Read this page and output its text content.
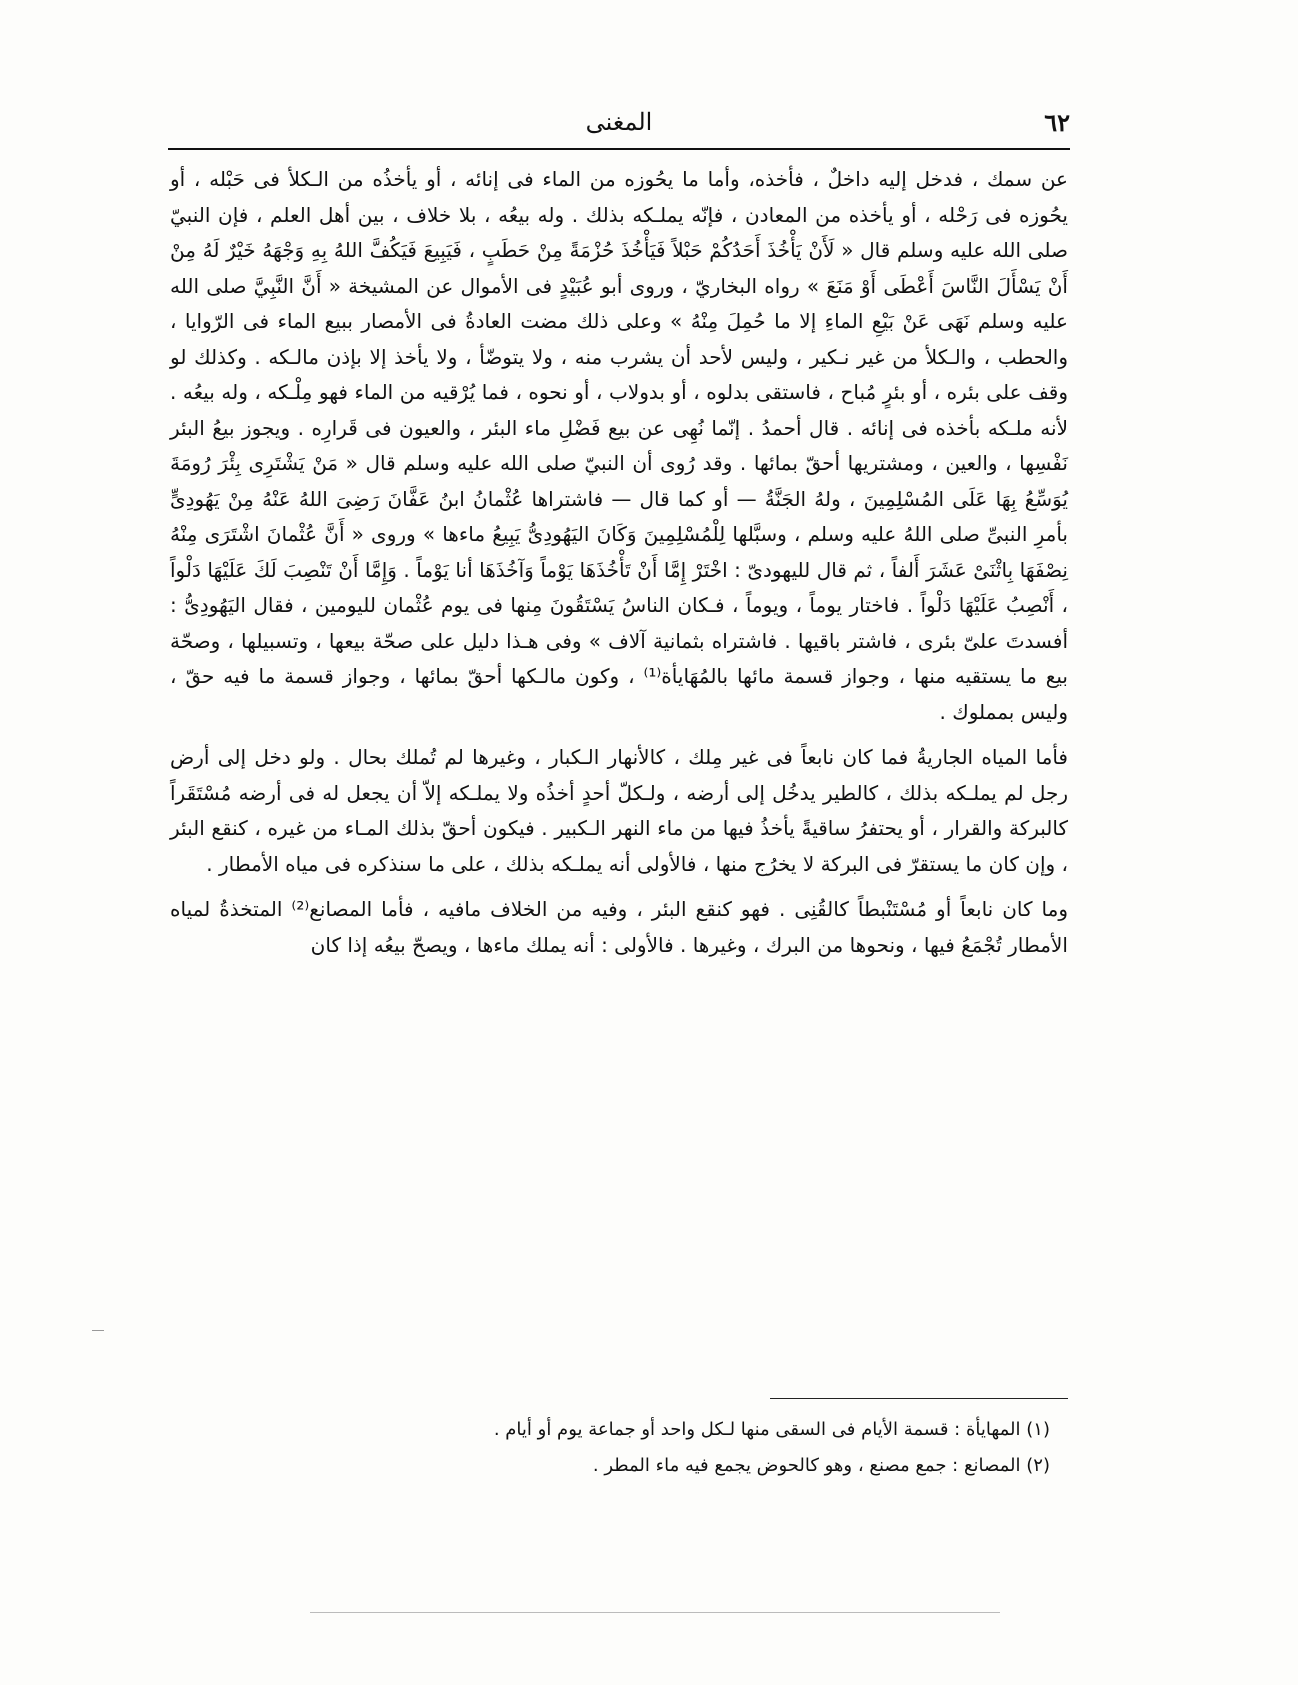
٦٢
المغنى

عن سمك ، فدخل إليه داخلٌ ، فأخذه، وأما ما يحُوزه من الماء فى إنائه ، أو يأخذُه من الـكلأ فى حَبْله ، أو يحُوزه فى رَحْله ، أو يأخذه من المعادن ، فإنّه يملـكه بذلك . وله بيعُه ، بلا خلاف ، بين أهل العلم ، فإن النبيّ صلى الله عليه وسلم قال « لَأَنْ يَأْخُذَ أَحَدُكُمْ حَبْلاً فَيَأْخُذَ حُزْمَةً مِنْ حَطَبٍ ، فَيَبِيعَ فَيَكُفَّ اللهُ بِهِ وَجْهَهُ خَيْرٌ لَهُ مِنْ أَنْ يَسْأَلَ النَّاسَ أَعْطَى أَوْ مَنَعَ » رواه البخاريّ ، وروى أبو عُبَيْدٍ فى الأموال عن المشيخة « أَنَّ النَّبِيَّ صلى الله عليه وسلم نَهَى عَنْ بَيْعِ الماءِ إلا ما حُمِلَ مِنْهُ » وعلى ذلك مضت العادةُ فى الأمصار ببيع الماء فى الرّوايا ، والحطب ، والـكلأ من غير نـكير ، وليس لأحد أن يشرب منه ، ولا يتوضّأ ، ولا يأخذ إلا بإذن مالـكه . وكذلك لو وقف على بئره ، أو بئرٍ مُباح ، فاستقى بدلوه ، أو بدولاب ، أو نحوه ، فما يُرْقيه من الماء فهو مِلْـكه ، وله بيعُه . لأنه ملـكه بأخذه فى إنائه . قال أحمدُ . إنّما نُهِى عن بيع فَضْلِ ماء البئر ، والعيون فى قَرارِه . ويجوز بيعُ البئر نَفْسِها ، والعين ، ومشتريها أحقّ بمائها . وقد رُوى أن النبيّ صلى الله عليه وسلم قال « مَنْ يَشْتَرِى بِئْرَ رُومَةَ يُوَسِّعُ بِهَا عَلَى المُسْلِمِينَ ، ولهُ الجَنَّةُ — أو كما قال — فاشتراها عُثْمانُ ابنُ عَفَّانَ رَضِىَ اللهُ عَنْهُ مِنْ يَهُودِىٍّ بأمرِ النبىِّ صلى اللهُ عليه وسلم ، وسبَّلها لِلْمُسْلِمِينَ وَكَانَ اليَهُودِىُّ يَبِيعُ ماءها » وروى « أَنَّ عُثْمانَ اشْتَرَى مِنْهُ نِصْفَهَا بِاثْنَىْ عَشَرَ أَلفاً ، ثم قال لليهودىّ : اخْتَرْ إِمَّا أَنْ تَأْخُذَهَا يَوْماً وَآخُذَهَا أنا يَوْماً . وَإِمَّا أَنْ تَنْصِبَ لَكَ عَلَيْهَا دَلْواً ، أَنْصِبُ عَلَيْهَا دَلْواً . فاختار يوماً ، ويوماً ، فـكان الناسُ يَسْتَقُونَ مِنها فى يوم عُثْمان لليومين ، فقال اليَهُودِىُّ : أفسدتَ علىّ بئرى ، فاشتر باقيها . فاشتراه بثمانية آلاف » وفى هـذا دليل على صحّة بيعها ، وتسبيلها ، وصحّة بيع ما يستقيه منها ، وجواز قسمة مائها بالمُهَايأة⁽¹⁾ ، وكون مالـكها أحقّ بمائها ، وجواز قسمة ما فيه حقّ ، وليس بمملوك .

فأما المياه الجاريةُ فما كان نابعاً فى غير مِلك ، كالأنهار الـكبار ، وغيرها لم تُملك بحال . ولو دخل إلى أرض رجل لم يملـكه بذلك ، كالطير يدخُل إلى أرضه ، ولـكلّ أحدٍ أخذُه ولا يملـكه إلاّ أن يجعل له فى أرضه مُسْتَقَراً كالبركة والقرار ، أو يحتفرُ ساقيةً يأخذُ فيها من ماء النهر الـكبير . فيكون أحقّ بذلك المـاء من غيره ، كنقع البئر ، وإن كان ما يستقرّ فى البركة لا يخرُج منها ، فالأولى أنه يملـكه بذلك ، على ما سنذكره فى مياه الأمطار .

وما كان نابعاً أو مُسْتَنْبطاً كالقُنِى . فهو كنقع البئر ، وفيه من الخلاف مافيه ، فأما المصانع⁽²⁾ المتخذةُ لمياه الأمطار تُجْمَعُ فيها ، ونحوها من البرك ، وغيرها . فالأولى : أنه يملك ماءها ، ويصحّ بيعُه إذا كان

(١) المهايأة : قسمة الأيام فى السقى منها لـكل واحد أو جماعة يوم أو أيام .

(٢) المصانع : جمع مصنع ، وهو كالحوض يجمع فيه ماء المطر .
